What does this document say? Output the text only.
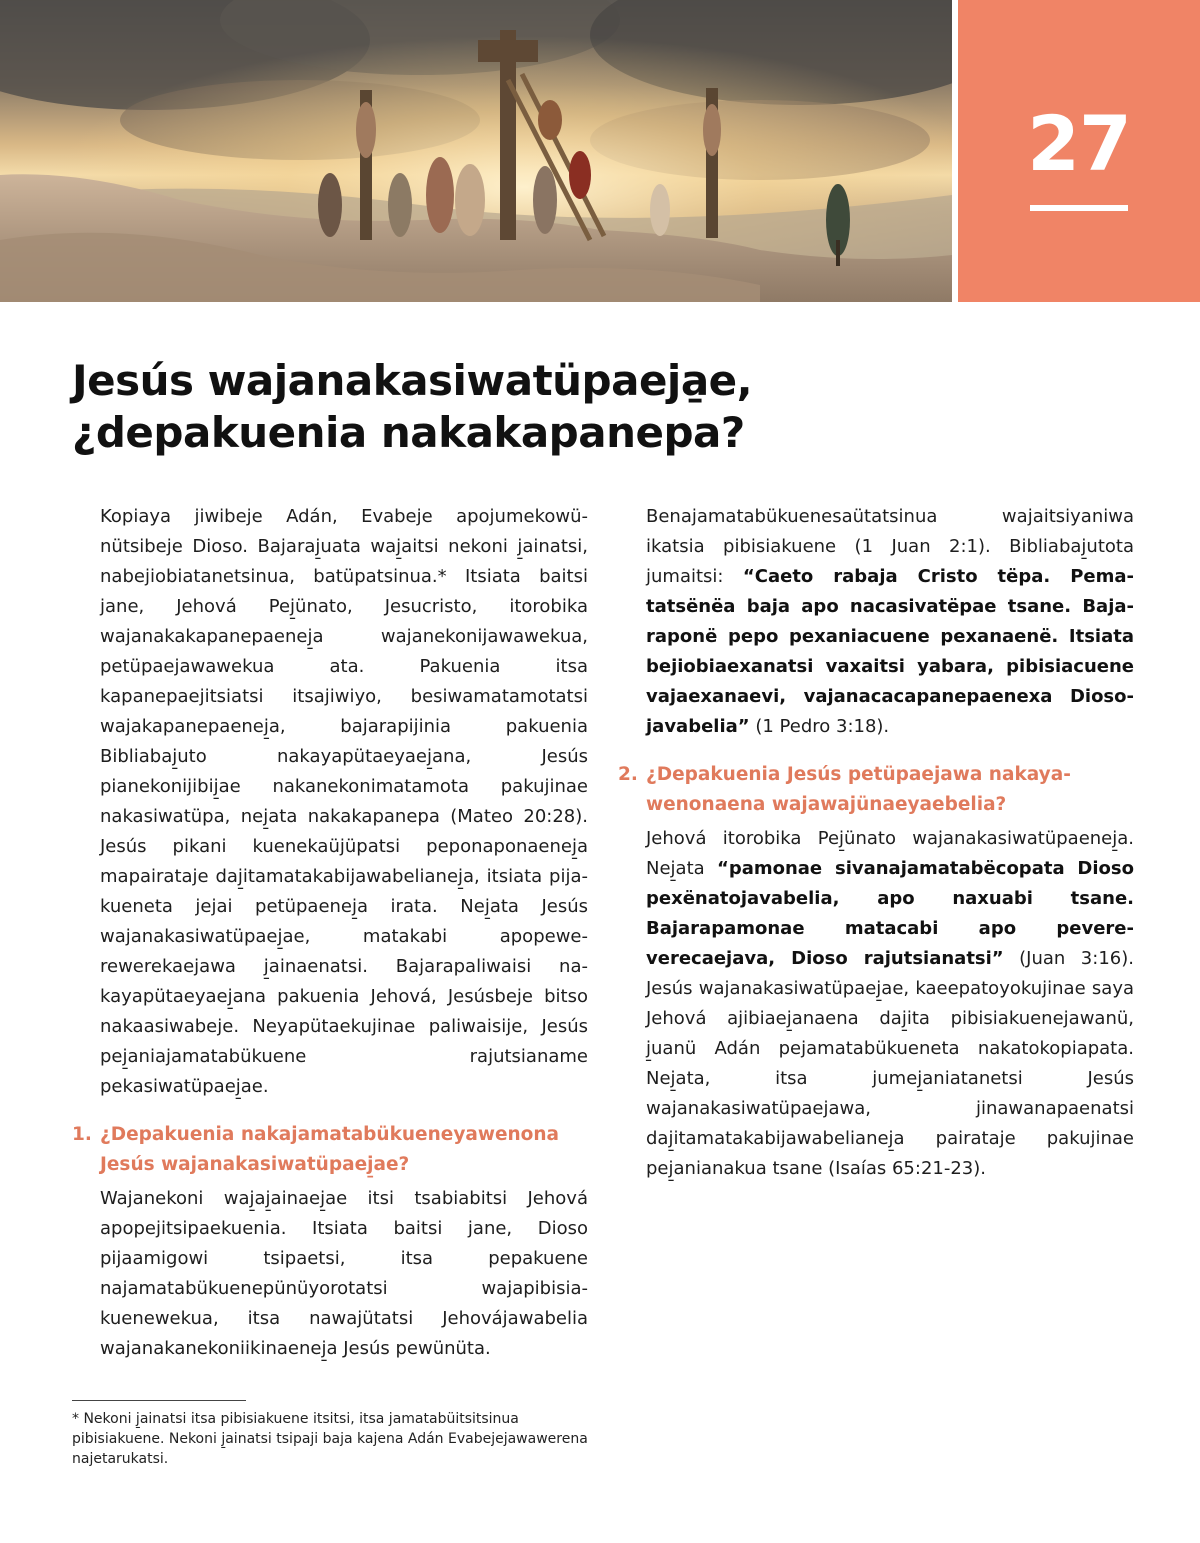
27
Jesús wajanakasiwatüpaeja̱e,
¿depakuenia nakakapanepa?

Kopiaya jiwibeje Adán, Evabeje apojumekowünütsibeje Dioso. Bajaraj̱uata waj̱aitsi nekoni j̱ainatsi, nabejiobiatanetsinua, batüpatsinua.* Itsiata baitsi jane, Jehová Pej̱ünato, Jesucristo, itorobika wajanakakapanepaenej̱a wajanekonijawawekua, petüpaejawawekua ata. Pakuenia itsa kapanepaejitsiatsi itsajiwiyo, besiwamatamotatsi wajakapanepaenej̱a, bajarapijinia pakuenia Bibliabaj̱uto nakayapütaeyaej̱ana, Jesús pianekonijibij̱ae nakanekonimatamota pakujinae nakasiwatüpa, nej̱ata nakakapanepa (Mateo 20:28). Jesús pikani kuenekaüjüpatsi peponaponaenej̱a mapairataje daj̱itamatakabijawabelianej̱a, itsiata pijakueneta jejai petüpaenej̱a irata. Nej̱ata Jesús wajanakasiwatüpaej̱ae, matakabi apopewerewerekaejawa j̱ainaenatsi. Bajarapaliwaisi nakayapütaeyaej̱ana pakuenia Jehová, Jesúsbeje bitso nakaasiwabeje. Neyapütaekujinae paliwaisije, Jesús pej̱aniajamatabükuene rajutsianame pekasiwatüpaej̱ae.

1. ¿Depakuenia nakajamatabükueneyawenona Jesús wajanakasiwatüpaej̱ae?

Wajanekoni waj̱aj̱ainaej̱ae itsi tsabiabitsi Jehová apopejitsipaekuenia. Itsiata baitsi jane, Dioso pijaamigowi tsipaetsi, itsa pepakuene najamatabükuenepünüyorotatsi wajapibisiakuenewekua, itsa nawajütatsi Jehovájawabelia wajanakanekoniikinaenej̱a Jesús pewünüta.

Benajamatabükuenesaütatsinua wajaitsiyaniwa ikatsia pibisiakuene (1 Juan 2:1). Bibliabaj̱utota jumaitsi: “Caeto rabaja Cristo tëpa. Pematatsënëa baja apo nacasivatëpae tsane. Bajaraponë pepo pexaniacuene pexanaenë. Itsiata bejiobiaexanatsi vaxaitsi yabara, pibisiacuene vajaexanaevi, vajanacacapanepaenexa Diosojavabelia” (1 Pedro 3:18).

2. ¿Depakuenia Jesús petüpaejawa nakayawenonaena wajawajünaeyaebelia?

Jehová itorobika Pej̱ünato wajanakasiwatüpaenej̱a. Nej̱ata “pamonae sivanajamatabëcopata Dioso pexënatojavabelia, apo naxuabi tsane. Bajarapamonae matacabi apo pevereverecaejava, Dioso rajutsianatsi” (Juan 3:16). Jesús wajanakasiwatüpaej̱ae, kaeepatoyokujinae saya Jehová ajibiaej̱anaena daj̱ita pibisiakuenejawanü, j̱uanü Adán pejamatabükueneta nakatokopiapata. Nej̱ata, itsa jumej̱aniatanetsi Jesús wajanakasiwatüpaejawa, jinawanapaenatsi daj̱itamatakabijawabelianej̱a pairataje pakujinae pej̱anianakua tsane (Isaías 65:21-23).

* Nekoni j̱ainatsi itsa pibisiakuene itsitsi, itsa jamatabüitsitsinua pibisiakuene. Nekoni j̱ainatsi tsipaji baja kajena Adán Evabejejawawerena najetarukatsi.
